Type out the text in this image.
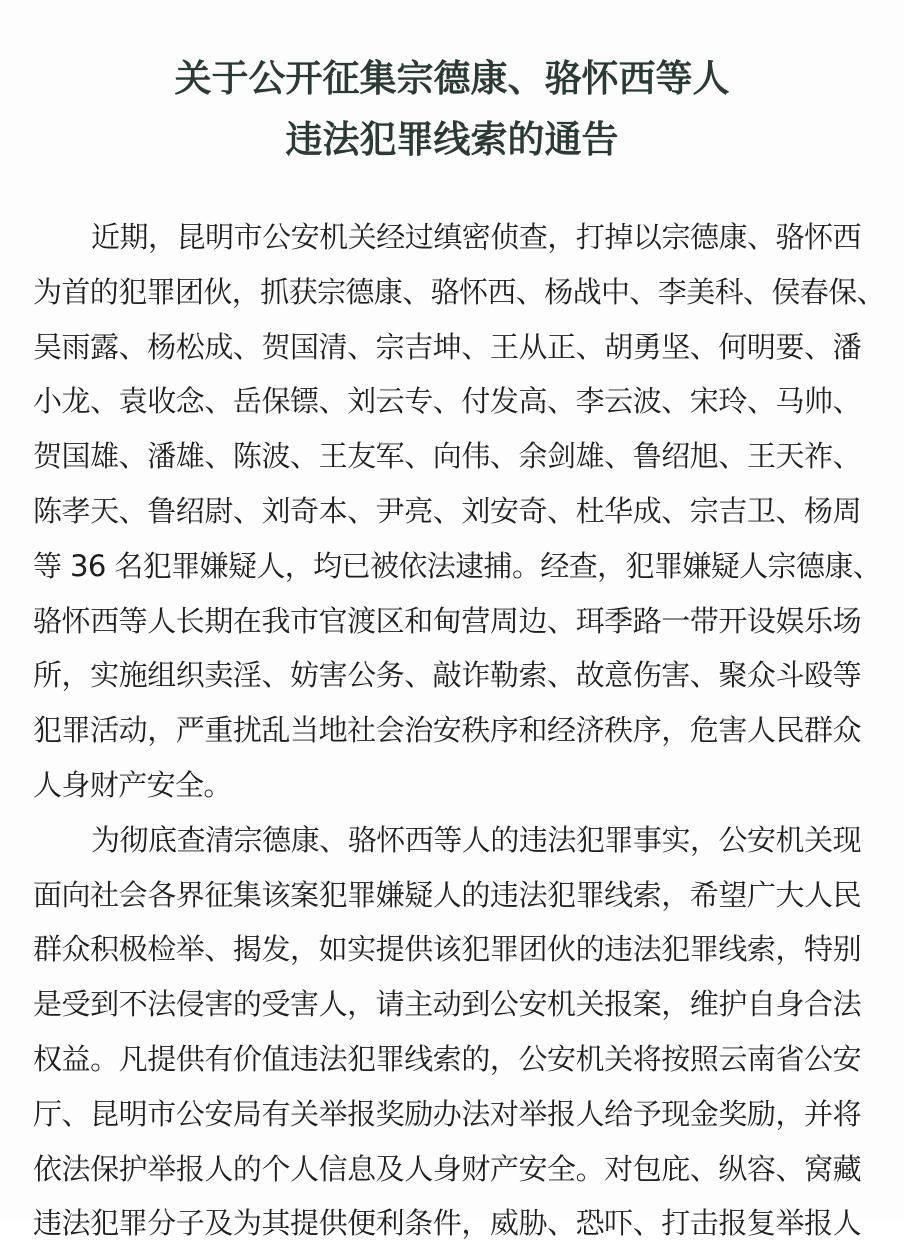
关于公开征集宗德康、骆怀西等人
违法犯罪线索的通告
近期，昆明市公安机关经过缜密侦查，打掉以宗德康、骆怀西
为首的犯罪团伙，抓获宗德康、骆怀西、杨战中、李美科、侯春保、
吴雨露、杨松成、贺国清、宗吉坤、王从正、胡勇坚、何明要、潘
小龙、袁收念、岳保镖、刘云专、付发高、李云波、宋玲、马帅、
贺国雄、潘雄、陈波、王友军、向伟、余剑雄、鲁绍旭、王天祚、
陈孝天、鲁绍尉、刘奇本、尹亮、刘安奇、杜华成、宗吉卫、杨周
等 36 名犯罪嫌疑人，均已被依法逮捕。经查，犯罪嫌疑人宗德康、
骆怀西等人长期在我市官渡区和甸营周边、珥季路一带开设娱乐场
所，实施组织卖淫、妨害公务、敲诈勒索、故意伤害、聚众斗殴等
犯罪活动，严重扰乱当地社会治安秩序和经济秩序，危害人民群众
人身财产安全。
为彻底查清宗德康、骆怀西等人的违法犯罪事实，公安机关现
面向社会各界征集该案犯罪嫌疑人的违法犯罪线索，希望广大人民
群众积极检举、揭发，如实提供该犯罪团伙的违法犯罪线索，特别
是受到不法侵害的受害人，请主动到公安机关报案，维护自身合法
权益。凡提供有价值违法犯罪线索的，公安机关将按照云南省公安
厅、昆明市公安局有关举报奖励办法对举报人给予现金奖励，并将
依法保护举报人的个人信息及人身财产安全。对包庇、纵容、窝藏
违法犯罪分子及为其提供便利条件，威胁、恐吓、打击报复举报人
